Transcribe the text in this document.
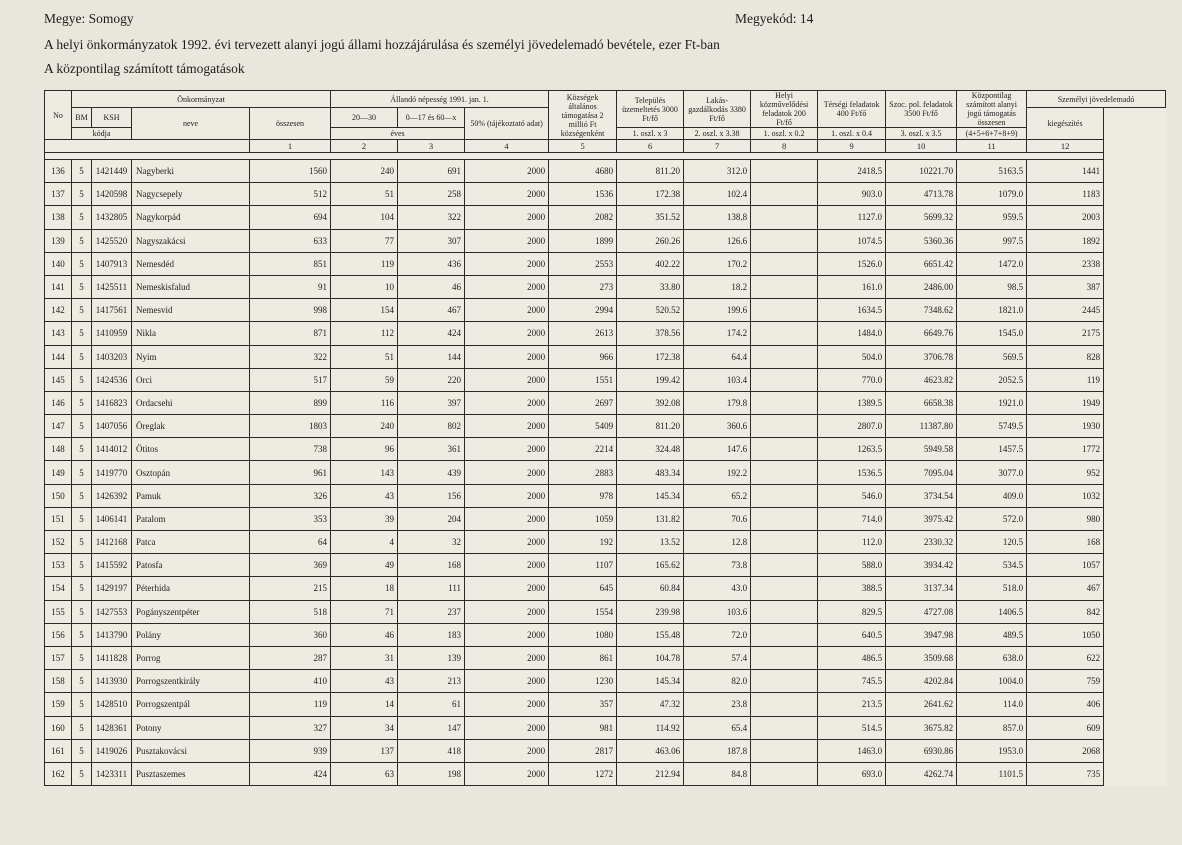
Megye: Somogy	Megyekód: 14
A helyi önkormányzatok 1992. évi tervezett alanyi jogú állami hozzájárulása és személyi jövedelemadó bevétele, ezer Ft-ban
A központilag számított támogatások
No	Önkormányzat				Állandó népesség 1991. jan. 1.			Községek általános támogatása 2 millió Ft községenként	Település üzemeltetés 3000 Ft/fő	Lakás-gazdálkodás 3380 Ft/fő	Helyi közművelődési feladatok 200 Ft/fő	Térségi feladatok 400 Ft/fő	Szoc. pol. feladatok 3500 Ft/fő	Központilag számított alanyi jogú támogatás összesen	Személyi jövedelemadó
	BM	KSH	neve	összesen	20—30	0—17 és 60—x	50% (tájékoztató adat)								kiegészítés
	kódja				éves				1. oszl. x 3	2. oszl. x 3.38	1. oszl. x 0.2	1. oszl. x 0.4	3. oszl. x 3.5	(4+5+6+7+8+9)	
				1	2	3	4	5	6	7	8	9	10	11	12

136	5	1421449	Nagyberki	1560	240	691	2000	4680	811.20	312.0		2418.5	10221.70	5163.5	1441
137	5	1420598	Nagycsepely	512	51	258	2000	1536	172.38	102.4		903.0	4713.78	1079.0	1183
138	5	1432805	Nagykorpád	694	104	322	2000	2082	351.52	138.8		1127.0	5699.32	959.5	2003
139	5	1425520	Nagyszakácsi	633	77	307	2000	1899	260.26	126.6		1074.5	5360.36	997.5	1892
140	5	1407913	Nemesdéd	851	119	436	2000	2553	402.22	170.2		1526.0	6651.42	1472.0	2338
141	5	1425511	Nemeskisfalud	91	10	46	2000	273	33.80	18.2		161.0	2486.00	98.5	387
142	5	1417561	Nemesvid	998	154	467	2000	2994	520.52	199.6		1634.5	7348.62	1821.0	2445
143	5	1410959	Nikla	871	112	424	2000	2613	378.56	174.2		1484.0	6649.76	1545.0	2175
144	5	1403203	Nyim	322	51	144	2000	966	172.38	64.4		504.0	3706.78	569.5	828
145	5	1424536	Orci	517	59	220	2000	1551	199.42	103.4		770.0	4623.82	2052.5	119
146	5	1416823	Ordacsehi	899	116	397	2000	2697	392.08	179.8		1389.5	6658.38	1921.0	1949
147	5	1407056	Öreglak	1803	240	802	2000	5409	811.20	360.6		2807.0	11387.80	5749.5	1930
148	5	1414012	Ötitos	738	96	361	2000	2214	324.48	147.6		1263.5	5949.58	1457.5	1772
149	5	1419770	Osztopán	961	143	439	2000	2883	483.34	192.2		1536.5	7095.04	3077.0	952
150	5	1426392	Pamuk	326	43	156	2000	978	145.34	65.2		546.0	3734.54	409.0	1032
151	5	1406141	Patalom	353	39	204	2000	1059	131.82	70.6		714.0	3975.42	572.0	980
152	5	1412168	Patca	64	4	32	2000	192	13.52	12.8		112.0	2330.32	120.5	168
153	5	1415592	Patosfa	369	49	168	2000	1107	165.62	73.8		588.0	3934.42	534.5	1057
154	5	1429197	Péterhida	215	18	111	2000	645	60.84	43.0		388.5	3137.34	518.0	467
155	5	1427553	Pogányszentpéter	518	71	237	2000	1554	239.98	103.6		829.5	4727.08	1406.5	842
156	5	1413790	Polány	360	46	183	2000	1080	155.48	72.0		640.5	3947.98	489.5	1050
157	5	1411828	Porrog	287	31	139	2000	861	104.78	57.4		486.5	3509.68	638.0	622
158	5	1413930	Porrogszentkirály	410	43	213	2000	1230	145.34	82.0		745.5	4202.84	1004.0	759
159	5	1428510	Porrogszentpál	119	14	61	2000	357	47.32	23.8		213.5	2641.62	114.0	406
160	5	1428361	Potony	327	34	147	2000	981	114.92	65.4		514.5	3675.82	857.0	609
161	5	1419026	Pusztakovácsi	939	137	418	2000	2817	463.06	187.8		1463.0	6930.86	1953.0	2068
162	5	1423311	Pusztaszemes	424	63	198	2000	1272	212.94	84.8		693.0	4262.74	1101.5	735
